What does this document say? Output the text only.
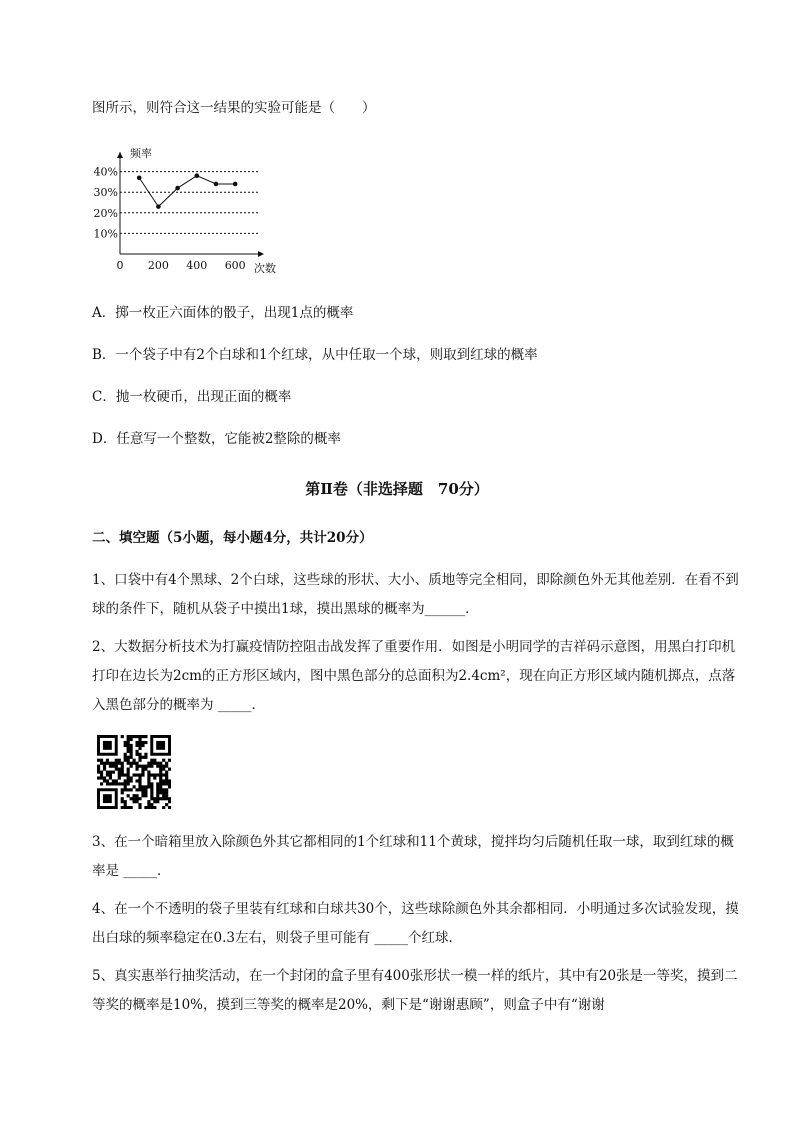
图所示，则符合这一结果的实验可能是（　　）
频率
次数
10%
20%
30%
40%
0 200 400 600
A．掷一枚正六面体的骰子，出现1点的概率
B．一个袋子中有2个白球和1个红球，从中任取一个球，则取到红球的概率
C．抛一枚硬币，出现正面的概率
D．任意写一个整数，它能被2整除的概率
第Ⅱ卷（非选择题　70分）
二、填空题（5小题，每小题4分，共计20分）
1、口袋中有4个黑球、2个白球，这些球的形状、大小、质地等完全相同，即除颜色外无其他差别．在看不到球的条件下，随机从袋子中摸出1球，摸出黑球的概率为______．
2、大数据分析技术为打赢疫情防控阻击战发挥了重要作用．如图是小明同学的吉祥码示意图，用黑白打印机打印在边长为2cm的正方形区域内，图中黑色部分的总面积为2.4cm²，现在向正方形区域内随机掷点，点落入黑色部分的概率为 _____．
3、在一个暗箱里放入除颜色外其它都相同的1个红球和11个黄球，搅拌均匀后随机任取一球，取到红球的概率是 _____．
4、在一个不透明的袋子里装有红球和白球共30个，这些球除颜色外其余都相同．小明通过多次试验发现，摸出白球的频率稳定在0.3左右，则袋子里可能有 _____个红球．
5、真实惠举行抽奖活动，在一个封闭的盒子里有400张形状一模一样的纸片，其中有20张是一等奖，摸到二等奖的概率是10%，摸到三等奖的概率是20%，剩下是“谢谢惠顾”，则盒子中有“谢谢
